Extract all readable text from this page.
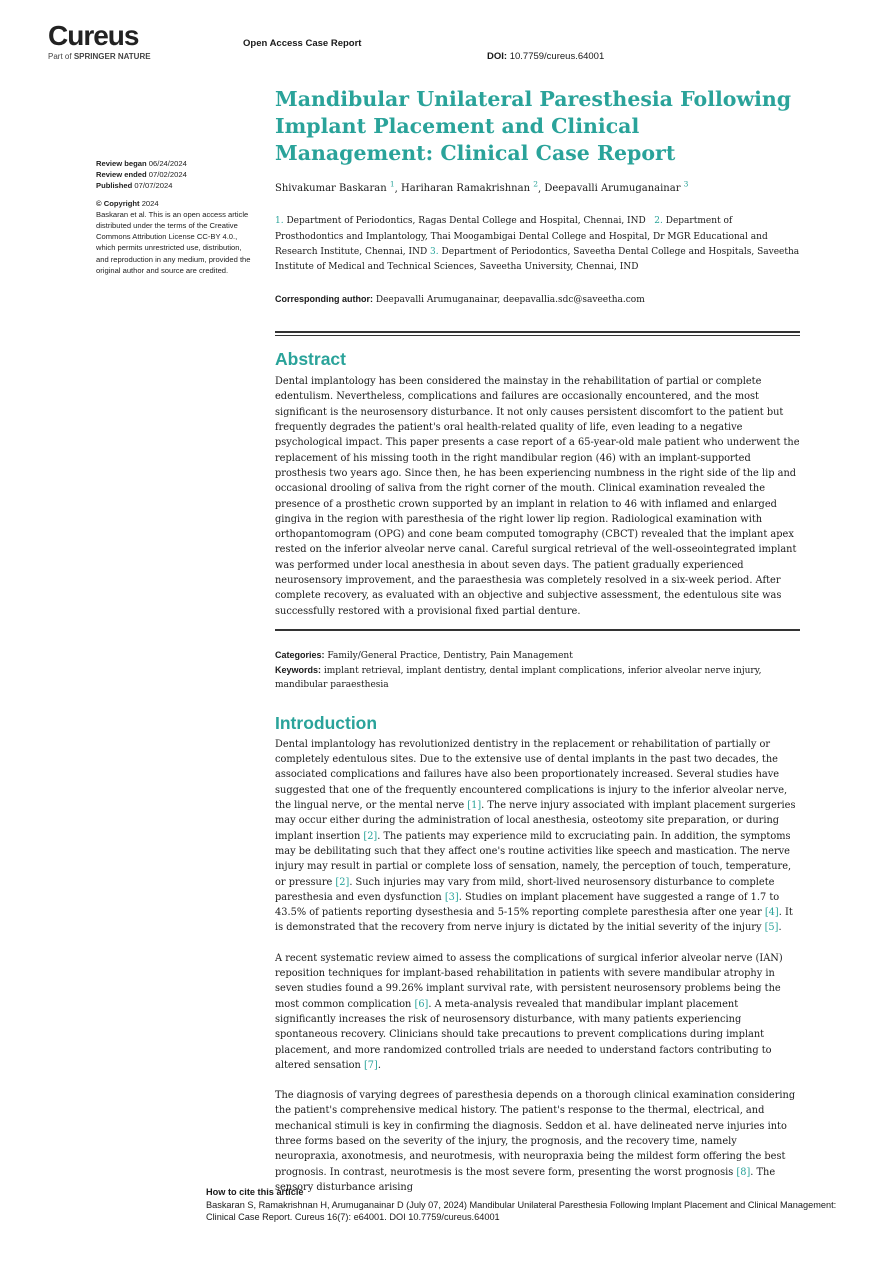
Cureus
Part of SPRINGER NATURE
Open Access Case Report
DOI: 10.7759/cureus.64001
Review began 06/24/2024
Review ended 07/02/2024
Published 07/07/2024
© Copyright 2024
Baskaran et al. This is an open access article distributed under the terms of the Creative Commons Attribution License CC-BY 4.0., which permits unrestricted use, distribution, and reproduction in any medium, provided the original author and source are credited.
Mandibular Unilateral Paresthesia Following Implant Placement and Clinical Management: Clinical Case Report
Shivakumar Baskaran $^1$, Hariharan Ramakrishnan $^2$, Deepavalli Arumuganainar $^3$
1. Department of Periodontics, Ragas Dental College and Hospital, Chennai, IND 2. Department of Prosthodontics and Implantology, Thai Moogambigai Dental College and Hospital, Dr MGR Educational and Research Institute, Chennai, IND 3. Department of Periodontics, Saveetha Dental College and Hospitals, Saveetha Institute of Medical and Technical Sciences, Saveetha University, Chennai, IND
Corresponding author: Deepavalli Arumuganainar, deepavallia.sdc@saveetha.com
Abstract

Dental implantology has been considered the mainstay in the rehabilitation of partial or complete edentulism. Nevertheless, complications and failures are occasionally encountered, and the most significant is the neurosensory disturbance. It not only causes persistent discomfort to the patient but frequently degrades the patient's oral health-related quality of life, even leading to a negative psychological impact. This paper presents a case report of a 65-year-old male patient who underwent the replacement of his missing tooth in the right mandibular region (46) with an implant-supported prosthesis two years ago. Since then, he has been experiencing numbness in the right side of the lip and occasional drooling of saliva from the right corner of the mouth. Clinical examination revealed the presence of a prosthetic crown supported by an implant in relation to 46 with inflamed and enlarged gingiva in the region with paresthesia of the right lower lip region. Radiological examination with orthopantomogram (OPG) and cone beam computed tomography (CBCT) revealed that the implant apex rested on the inferior alveolar nerve canal. Careful surgical retrieval of the well-osseointegrated implant was performed under local anesthesia in about seven days. The patient gradually experienced neurosensory improvement, and the paraesthesia was completely resolved in a six-week period. After complete recovery, as evaluated with an objective and subjective assessment, the edentulous site was successfully restored with a provisional fixed partial denture.

Categories: Family/General Practice, Dentistry, Pain Management
Keywords: implant retrieval, implant dentistry, dental implant complications, inferior alveolar nerve injury, mandibular paraesthesia
Introduction

Dental implantology has revolutionized dentistry in the replacement or rehabilitation of partially or completely edentulous sites. Due to the extensive use of dental implants in the past two decades, the associated complications and failures have also been proportionately increased. Several studies have suggested that one of the frequently encountered complications is injury to the inferior alveolar nerve, the lingual nerve, or the mental nerve [1]. The nerve injury associated with implant placement surgeries may occur either during the administration of local anesthesia, osteotomy site preparation, or during implant insertion [2]. The patients may experience mild to excruciating pain. In addition, the symptoms may be debilitating such that they affect one's routine activities like speech and mastication. The nerve injury may result in partial or complete loss of sensation, namely, the perception of touch, temperature, or pressure [2]. Such injuries may vary from mild, short-lived neurosensory disturbance to complete paresthesia and even dysfunction [3]. Studies on implant placement have suggested a range of 1.7 to 43.5% of patients reporting dysesthesia and 5-15% reporting complete paresthesia after one year [4]. It is demonstrated that the recovery from nerve injury is dictated by the initial severity of the injury [5].

A recent systematic review aimed to assess the complications of surgical inferior alveolar nerve (IAN) reposition techniques for implant-based rehabilitation in patients with severe mandibular atrophy in seven studies found a 99.26% implant survival rate, with persistent neurosensory problems being the most common complication [6]. A meta-analysis revealed that mandibular implant placement significantly increases the risk of neurosensory disturbance, with many patients experiencing spontaneous recovery. Clinicians should take precautions to prevent complications during implant placement, and more randomized controlled trials are needed to understand factors contributing to altered sensation [7].

The diagnosis of varying degrees of paresthesia depends on a thorough clinical examination considering the patient's comprehensive medical history. The patient's response to the thermal, electrical, and mechanical stimuli is key in confirming the diagnosis. Seddon et al. have delineated nerve injuries into three forms based on the severity of the injury, the prognosis, and the recovery time, namely neuropraxia, axonotmesis, and neurotmesis, with neuropraxia being the mildest form offering the best prognosis. In contrast, neurotmesis is the most severe form, presenting the worst prognosis [8]. The sensory disturbance arising

How to cite this article
Baskaran S, Ramakrishnan H, Arumuganainar D (July 07, 2024) Mandibular Unilateral Paresthesia Following Implant Placement and Clinical Management: Clinical Case Report. Cureus 16(7): e64001. DOI 10.7759/cureus.64001
